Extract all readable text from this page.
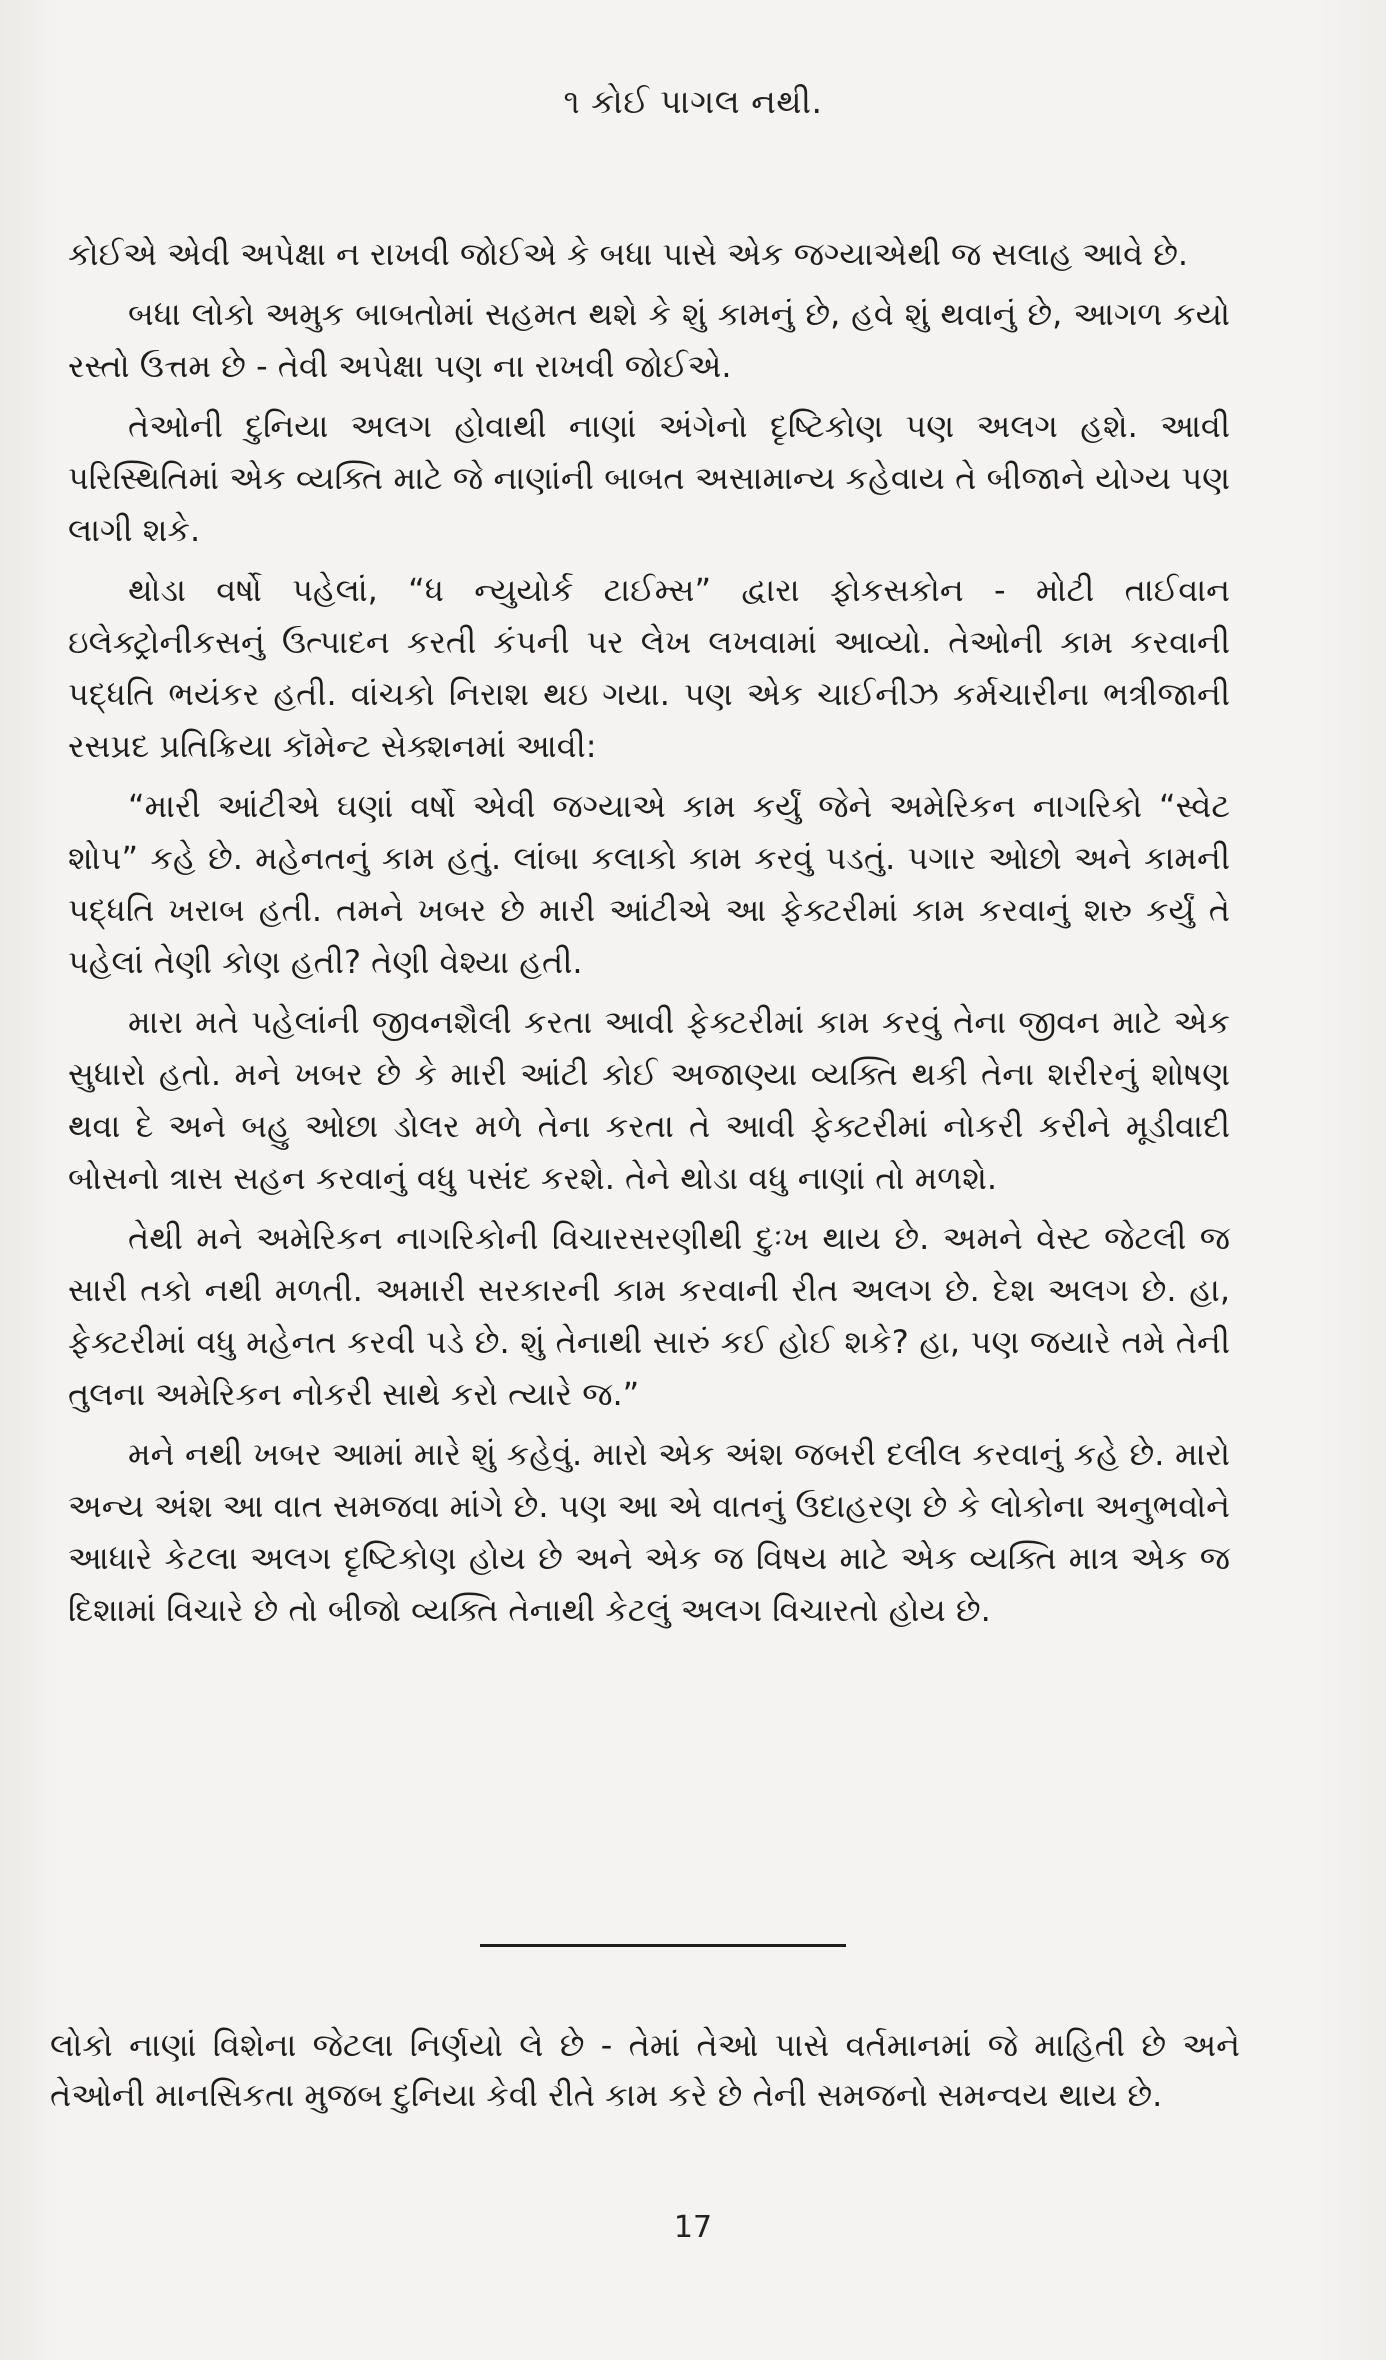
૧ કોઈ પાગલ નથી.

કોઈએ એવી અપેક્ષા ન રાખવી જોઈએ કે બધા પાસે એક જગ્યાએથી જ સલાહ આવે છે.

બધા લોકો અમુક બાબતોમાં સહમત થશે કે શું કામનું છે, હવે શું થવાનું છે, આગળ કયો રસ્તો ઉત્તમ છે - તેવી અપેક્ષા પણ ના રાખવી જોઈએ.

તેઓની દુનિયા અલગ હોવાથી નાણાં અંગેનો દૃષ્ટિકોણ પણ અલગ હશે. આવી પરિસ્થિતિમાં એક વ્યક્તિ માટે જે નાણાંની બાબત અસામાન્ય કહેવાય તે બીજાને યોગ્ય પણ લાગી શકે.

થોડા વર્ષો પહેલાં, “ધ ન્યુયોર્ક ટાઈમ્સ” દ્વારા ફોકસકોન - મોટી તાઈવાન ઇલેક્ટ્રોનીકસનું ઉત્પાદન કરતી કંપની પર લેખ લખવામાં આવ્યો. તેઓની કામ કરવાની પદ્ધતિ ભયંકર હતી. વાંચકો નિરાશ થઇ ગયા. પણ એક ચાઈનીઝ કર્મચારીના ભત્રીજાની રસપ્રદ પ્રતિક્રિયા કૉમેન્ટ સેક્શનમાં આવી:

“મારી આંટીએ ઘણાં વર્ષો એવી જગ્યાએ કામ કર્યું જેને અમેરિકન નાગરિકો “સ્વેટ શોપ” કહે છે. મહેનતનું કામ હતું. લાંબા કલાકો કામ કરવું પડતું. પગાર ઓછો અને કામની પદ્ધતિ ખરાબ હતી. તમને ખબર છે મારી આંટીએ આ ફેક્ટરીમાં કામ કરવાનું શરુ કર્યું તે પહેલાં તેણી કોણ હતી? તેણી વેશ્યા હતી.

મારા મતે પહેલાંની જીવનશૈલી કરતા આવી ફેક્ટરીમાં કામ કરવું તેના જીવન માટે એક સુધારો હતો. મને ખબર છે કે મારી આંટી કોઈ અજાણ્યા વ્યક્તિ થકી તેના શરીરનું શોષણ થવા દે અને બહુ ઓછા ડોલર મળે તેના કરતા તે આવી ફેક્ટરીમાં નોકરી કરીને મૂડીવાદી બોસનો ત્રાસ સહન કરવાનું વધુ પસંદ કરશે. તેને થોડા વધુ નાણાં તો મળશે.

તેથી મને અમેરિકન નાગરિકોની વિચારસરણીથી દુઃખ થાય છે. અમને વેસ્ટ જેટલી જ સારી તકો નથી મળતી. અમારી સરકારની કામ કરવાની રીત અલગ છે. દેશ અલગ છે. હા, ફેક્ટરીમાં વધુ મહેનત કરવી પડે છે. શું તેનાથી સારું કઈ હોઈ શકે? હા, પણ જયારે તમે તેની તુલના અમેરિકન નોકરી સાથે કરો ત્યારે જ.”

મને નથી ખબર આમાં મારે શું કહેવું. મારો એક અંશ જબરી દલીલ કરવાનું કહે છે. મારો અન્ય અંશ આ વાત સમજવા માંગે છે. પણ આ એ વાતનું ઉદાહરણ છે કે લોકોના અનુભવોને આધારે કેટલા અલગ દૃષ્ટિકોણ હોય છે અને એક જ વિષય માટે એક વ્યક્તિ માત્ર એક જ દિશામાં વિચારે છે તો બીજો વ્યક્તિ તેનાથી કેટલું અલગ વિચારતો હોય છે.

લોકો નાણાં વિશેના જેટલા નિર્ણયો લે છે - તેમાં તેઓ પાસે વર્તમાનમાં જે માહિતી છે અને તેઓની માનસિકતા મુજબ દુનિયા કેવી રીતે કામ કરે છે તેની સમજનો સમન્વય થાય છે.

17
